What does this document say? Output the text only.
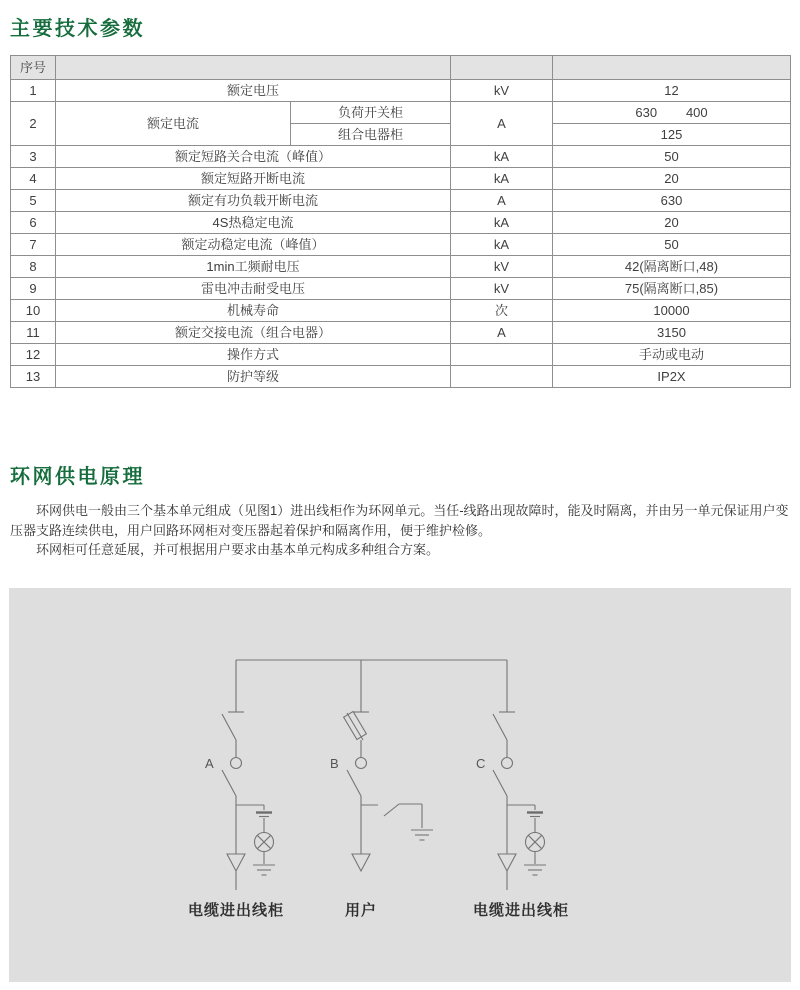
主要技术参数
序号				
1	额定电压		kV	12
2	额定电流	负荷开关柜	A	630        400
		组合电器柜		125
3	额定短路关合电流（峰值）		kA	50
4	额定短路开断电流		kA	20
5	额定有功负载开断电流		A	630
6	4S热稳定电流		kA	20
7	额定动稳定电流（峰值）		kA	50
8	1min工频耐电压		kV	42(隔离断口,48)
9	雷电冲击耐受电压		kV	75(隔离断口,85)
10	机械寿命		次	10000
11	额定交接电流（组合电器）		A	3150
12	操作方式			手动或电动
13	防护等级			IP2X
环网供电原理

环网供电一般由三个基本单元组成（见图1）进出线柜作为环网单元。当任-线路出现故障时，能及时隔离，并由另一单元保证用户变压器支路连续供电，用户回路环网柜对变压器起着保护和隔离作用，便于维护检修。

环网柜可任意延展，并可根据用户要求由基本单元构成多种组合方案。

A	B	C
电缆进出线柜	用户	电缆进出线柜
